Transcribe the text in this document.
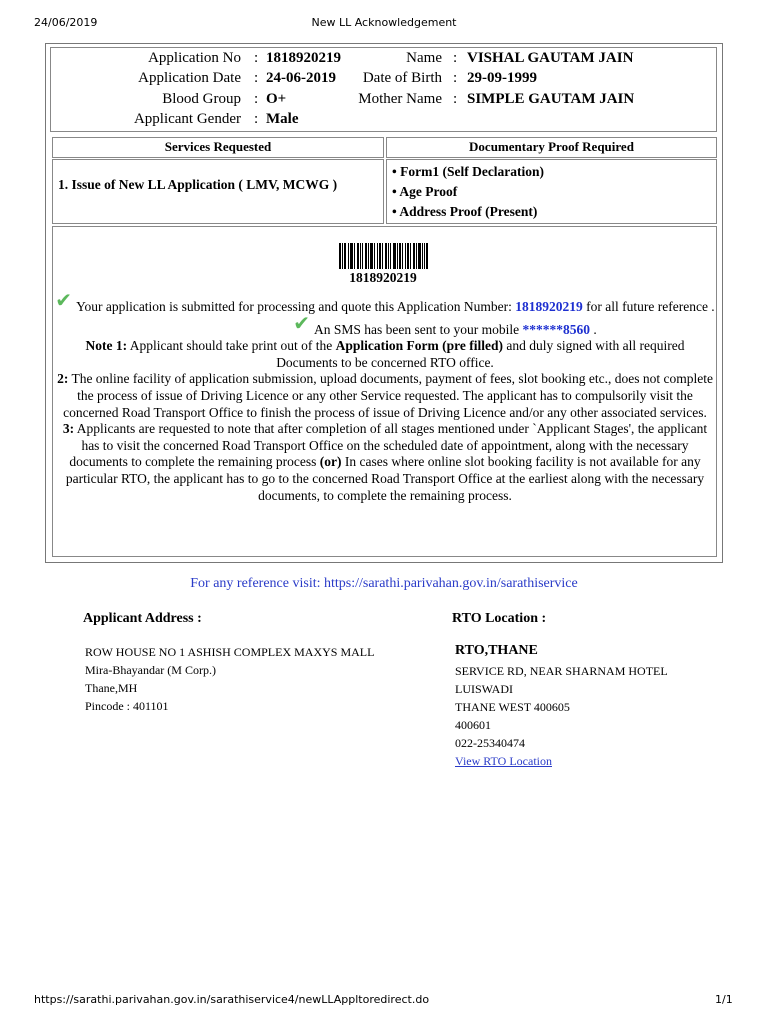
24/06/2019	New LL Acknowledgement
Application No : 1818920219	Name : VISHAL GAUTAM JAIN
Application Date : 24-06-2019	Date of Birth : 29-09-1999
Blood Group : O+	Mother Name : SIMPLE GAUTAM JAIN
Applicant Gender : Male
Services Requested	Documentary Proof Required
1. Issue of New LL Application ( LMV, MCWG )
• Form1 (Self Declaration)
• Age Proof
• Address Proof (Present)
1818920219
✔ Your application is submitted for processing and quote this Application Number: 1818920219 for all future reference .
✔ An SMS has been sent to your mobile ******8560 .
Note 1: Applicant should take print out of the Application Form (pre filled) and duly signed with all required Documents to be concerned RTO office.
2: The online facility of application submission, upload documents, payment of fees, slot booking etc., does not complete the process of issue of Driving Licence or any other Service requested. The applicant has to compulsorily visit the concerned Road Transport Office to finish the process of issue of Driving Licence and/or any other associated services.
3: Applicants are requested to note that after completion of all stages mentioned under `Applicant Stages', the applicant has to visit the concerned Road Transport Office on the scheduled date of appointment, along with the necessary documents to complete the remaining process (or) In cases where online slot booking facility is not available for any particular RTO, the applicant has to go to the concerned Road Transport Office at the earliest along with the necessary documents, to complete the remaining process.
For any reference visit: https://sarathi.parivahan.gov.in/sarathiservice
Applicant Address :
ROW HOUSE NO 1 ASHISH COMPLEX MAXYS MALL
Mira-Bhayandar (M Corp.)
Thane,MH
Pincode : 401101
RTO Location :
RTO,THANE
SERVICE RD, NEAR SHARNAM HOTEL
LUISWADI
THANE WEST 400605
400601
022-25340474
View RTO Location
https://sarathi.parivahan.gov.in/sarathiservice4/newLLAppltoredirect.do	1/1
